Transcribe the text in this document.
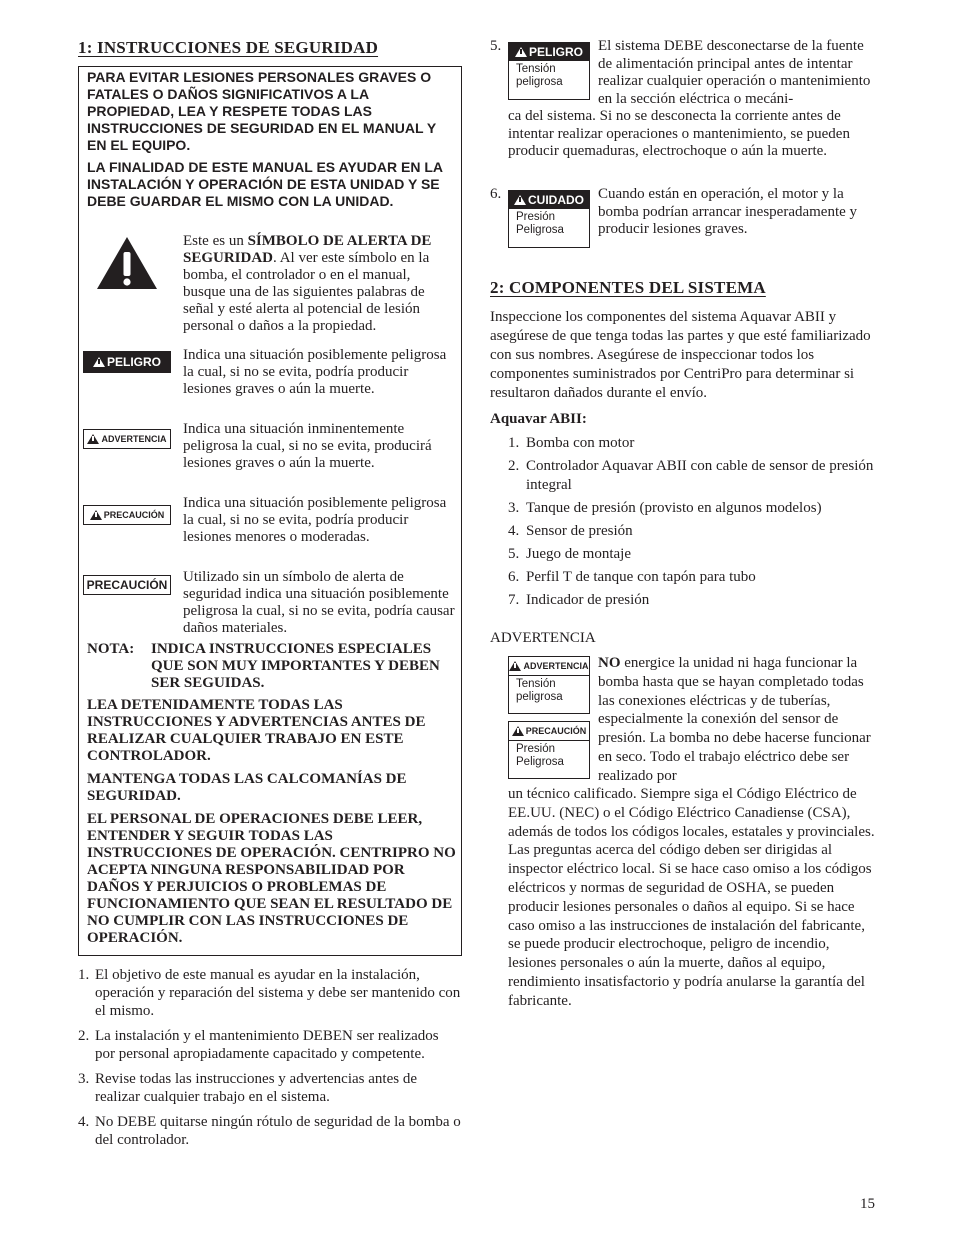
1: INSTRUCCIONES DE SEGURIDAD

PARA EVITAR LESIONES PERSONALES GRAVES O FATALES O DAÑOS SIGNIFICATIVOS A LA PROPIEDAD, LEA Y RESPETE TODAS LAS INSTRUCCIONES DE SEGURIDAD EN EL MANUAL Y EN EL EQUIPO.

LA FINALIDAD DE ESTE MANUAL ES AYUDAR EN LA INSTALACIÓN Y OPERACIÓN DE ESTA UNIDAD Y SE DEBE GUARDAR EL MISMO CON LA UNIDAD.

Este es un SÍMBOLO DE ALERTA DE SEGURIDAD. Al ver este símbolo en la bomba, el controlador o en el manual, busque una de las siguientes palabras de señal y esté alerta al potencial de lesión personal o daños a la propiedad.
PELIGRO Indica una situación posiblemente peligrosa la cual, si no se evita, podría producir lesiones graves o aún la muerte.
ADVERTENCIA
Indica una situación inminentemente peligrosa la cual, si no se evita, producirá lesiones graves o aún la muerte.
PRECAUCIÓN
Indica una situación posiblemente peligrosa la cual, si no se evita, podría producir lesiones menores o moderadas.
PRECAUCIÓN Utilizado sin un símbolo de alerta de seguridad indica una situación posiblemente peligrosa la cual, si no se evita, podría causar daños materiales.
NOTA: INDICA INSTRUCCIONES ESPECIALES QUE SON MUY IMPORTANTES Y DEBEN SER SEGUIDAS.

LEA DETENIDAMENTE TODAS LAS INSTRUCCIONES Y ADVERTENCIAS ANTES DE REALIZAR CUALQUIER TRABAJO EN ESTE CONTROLADOR.

MANTENGA TODAS LAS CALCOMANÍAS DE SEGURIDAD.

EL PERSONAL DE OPERACIONES DEBE LEER, ENTENDER Y SEGUIR TODAS LAS INSTRUCCIONES DE OPERACIÓN. CENTRIPRO NO ACEPTA NINGUNA RESPONSABILIDAD POR DAÑOS Y PERJUICIOS O PROBLEMAS DE FUNCIONAMIENTO QUE SEAN EL RESULTADO DE NO CUMPLIR CON LAS INSTRUCCIONES DE OPERACIÓN.

1. El objetivo de este manual es ayudar en la instalación, operación y reparación del sistema y debe ser mantenido con el mismo.
2. La instalación y el mantenimiento DEBEN ser realizados por personal apropiadamente capacitado y competente.
3. Revise todas las instrucciones y advertencias antes de realizar cualquier trabajo en el sistema.
4. No DEBE quitarse ningún rótulo de seguridad de la bomba o del controlador.
5. PELIGRO
Tensión peligrosa
El sistema DEBE desconectarse de la fuente de alimentación principal antes de intentar realizar cualquier operación o mantenimiento en la sección eléctrica o mecáni-
ca del sistema. Si no se desconecta la corriente antes de intentar realizar operaciones o mantenimiento, se pueden producir quemaduras, electrochoque o aún la muerte.
6. CUIDADO
Presión Peligrosa
Cuando están en operación, el motor y la bomba podrían arrancar inesperadamente y producir lesiones graves.
2: COMPONENTES DEL SISTEMA

Inspeccione los componentes del sistema Aquavar ABII y asegúrese de que tenga todas las partes y que esté familiarizado con sus nombres. Asegúrese de inspeccionar todos los componentes suministrados por CentriPro para determinar si resultaron dañados durante el envío.

Aquavar ABII:
1. Bomba con motor
2. Controlador Aquavar ABII con cable de sensor de presión integral
3. Tanque de presión (provisto en algunos modelos)
4. Sensor de presión
5. Juego de montaje
6. Perfil T de tanque con tapón para tubo
7. Indicador de presión
ADVERTENCIA
ADVERTENCIA
Tensión peligrosa
PRECAUCIÓN
Presión Peligrosa
NO energice la unidad ni haga funcionar la bomba hasta que se hayan completado todas las conexiones eléctricas y de tuberías, especialmente la conexión del sensor de presión. La bomba no debe hacerse funcionar en seco. Todo el trabajo eléctrico debe ser realizado por
un técnico calificado. Siempre siga el Código Eléctrico de EE.UU. (NEC) o el Código Eléctrico Canadiense (CSA), además de todos los códigos locales, estatales y provinciales. Las preguntas acerca del código deben ser dirigidas al inspector eléctrico local. Si se hace caso omiso a los códigos eléctricos y normas de seguridad de OSHA, se pueden producir lesiones personales o daños al equipo. Si se hace caso omiso a las instrucciones de instalación del fabricante, se puede producir electrochoque, peligro de incendio, lesiones personales o aún la muerte, daños al equipo, rendimiento insatisfactorio y podría anularse la garantía del fabricante.
15
